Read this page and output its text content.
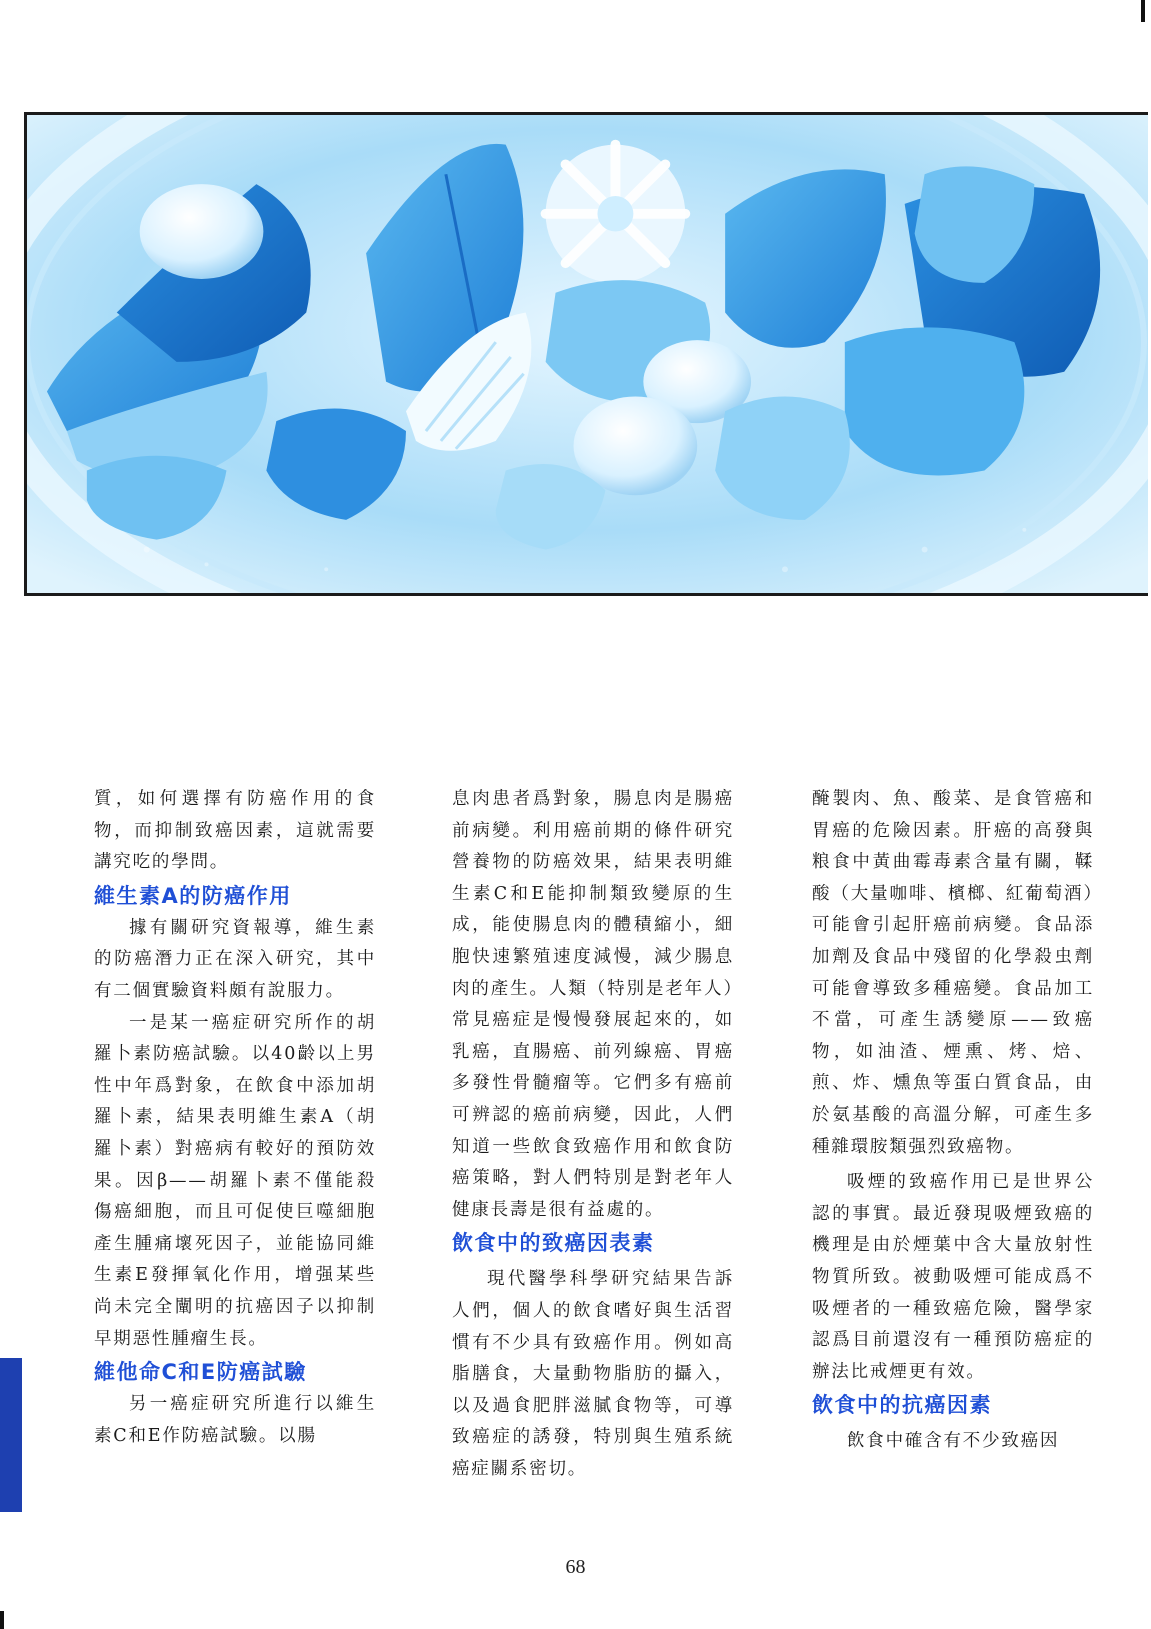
質，如何選擇有防癌作用的食物，而抑制致癌因素，這就需要講究吃的學問。

維生素A的防癌作用

據有關研究資報導，維生素的防癌潛力正在深入研究，其中有二個實驗資料頗有說服力。

一是某一癌症研究所作的胡羅卜素防癌試驗。以40齡以上男性中年爲對象，在飲食中添加胡羅卜素，結果表明維生素A（胡羅卜素）對癌病有較好的預防效果。因β——胡羅卜素不僅能殺傷癌細胞，而且可促使巨噬細胞產生腫痛壞死因子，並能協同維生素E發揮氧化作用，增强某些尚未完全闡明的抗癌因子以抑制早期惡性腫瘤生長。

維他命C和E防癌試驗

另一癌症研究所進行以維生素C和E作防癌試驗。以腸

息肉患者爲對象，腸息肉是腸癌前病變。利用癌前期的條件研究營養物的防癌效果，結果表明維生素C和E能抑制類致變原的生成，能使腸息肉的體積縮小，細胞快速繁殖速度減慢，減少腸息肉的產生。人類（特別是老年人）常見癌症是慢慢發展起來的，如乳癌，直腸癌、前列線癌、胃癌多發性骨髓瘤等。它們多有癌前可辨認的癌前病變，因此，人們知道一些飲食致癌作用和飲食防癌策略，對人們特別是對老年人健康長壽是很有益處的。

飲食中的致癌因表素

現代醫學科學研究結果告訴人們，個人的飲食嗜好與生活習慣有不少具有致癌作用。例如高脂膳食，大量動物脂肪的攝入，以及過食肥胖滋膩食物等，可導致癌症的誘發，特別與生殖系統癌症關系密切。

醃製肉、魚、酸菜、是食管癌和胃癌的危險因素。肝癌的高發與粮食中黃曲霉毒素含量有關，鞣酸（大量咖啡、檳榔、紅葡萄酒）可能會引起肝癌前病變。食品添加劑及食品中殘留的化學殺虫劑可能會導致多種癌變。食品加工不當，可產生誘變原——致癌物，如油渣、煙熏、烤、焙、煎、炸、燻魚等蛋白質食品，由於氨基酸的高溫分解，可產生多種雜環胺類强烈致癌物。

吸煙的致癌作用已是世界公認的事實。最近發現吸煙致癌的機理是由於煙葉中含大量放射性物質所致。被動吸煙可能成爲不吸煙者的一種致癌危險，醫學家認爲目前還沒有一種預防癌症的辦法比戒煙更有效。

飲食中的抗癌因素

飲食中確含有不少致癌因

68
